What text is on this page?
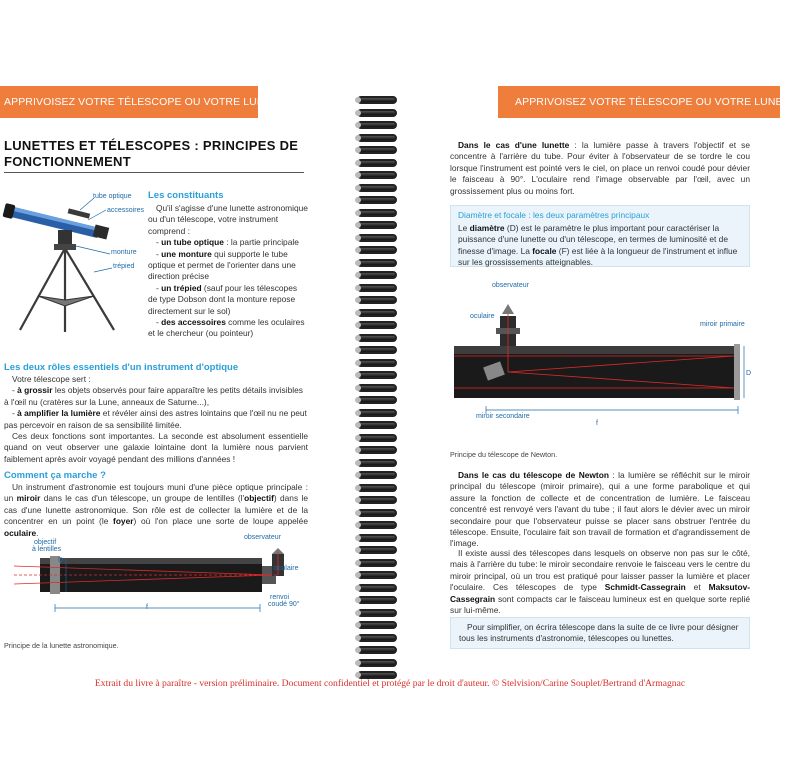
APPRIVOISEZ VOTRE TÉLESCOPE OU VOTRE LUNETTE	APPRIVOISEZ VOTRE TÉLESCOPE OU VOTRE LUNETTE
LUNETTES ET TÉLESCOPES : PRINCIPES DE
FONCTIONNEMENT
tube optique
accessoires
monture
trépied
Les constituants
Qu'il s'agisse d'une lunette astronomique ou d'un télescope, votre instrument comprend :
- un tube optique : la partie principale
- une monture qui supporte le tube optique et permet de l'orienter dans une direction précise
- un trépied (sauf pour les télescopes de type Dobson dont la monture repose directement sur le sol)
- des accessoires comme les oculaires et le chercheur (ou pointeur)
Les deux rôles essentiels d'un instrument d'optique
Votre télescope sert :
- à grossir les objets observés pour faire apparaître les petits détails invisibles à l'œil nu (cratères sur la Lune, anneaux de Saturne...),
- à amplifier la lumière et révéler ainsi des astres lointains que l'œil nu ne peut pas percevoir en raison de sa sensibilité limitée.
Ces deux fonctions sont importantes. La seconde est absolument essentielle quand on veut observer une galaxie lointaine dont la lumière nous parvient faiblement après avoir voyagé pendant des millions d'années !
Comment ça marche ?
Un instrument d'astronomie est toujours muni d'une pièce optique principale : un miroir dans le cas d'un télescope, un groupe de lentilles (l'objectif) dans le cas d'une lunette astronomique. Son rôle est de collecter la lumière et de la concentrer en un point (le foyer) où l'on place une sorte de loupe appelée oculaire.
objectif
à lentilles
observateur
oculaire
renvoi
coudé 90°
D
f
Principe de la lunette astronomique.
Dans le cas d'une lunette : la lumière passe à travers l'objectif et se concentre à l'arrière du tube. Pour éviter à l'observateur de se tordre le cou lorsque l'instrument est pointé vers le ciel, on place un renvoi coudé pour dévier le faisceau à 90°. L'oculaire rend l'image observable par l'œil, avec un grossissement plus ou moins fort.
Diamètre et focale : les deux paramètres principaux
Le diamètre (D) est le paramètre le plus important pour caractériser la puissance d'une lunette ou d'un télescope, en termes de luminosité et de finesse d'image. La focale (F) est liée à la longueur de l'instrument et influe sur les grossissements atteignables.
observateur
oculaire
miroir primaire
miroir secondaire
D
f
Principe du télescope de Newton.
Dans le cas du télescope de Newton : la lumière se réfléchit sur le miroir principal du télescope (miroir primaire), qui a une forme parabolique et qui assure la fonction de collecte et de concentration de lumière. Le faisceau concentré est renvoyé vers l'avant du tube ; il faut alors le dévier avec un miroir secondaire pour que l'observateur puisse se placer sans obstruer l'entrée du télescope. Ensuite, l'oculaire fait son travail de formation et d'agrandissement de l'image.
Il existe aussi des télescopes dans lesquels on observe non pas sur le côté, mais à l'arrière du tube: le miroir secondaire renvoie le faisceau vers le centre du miroir principal, où un trou est pratiqué pour laisser passer la lumière et placer l'oculaire. Ces télescopes de type Schmidt-Cassegrain et Maksutov-Cassegrain sont compacts car le faisceau lumineux est en quelque sorte replié sur lui-même.
Pour simplifier, on écrira télescope dans la suite de ce livre pour désigner tous les instruments d'astronomie, télescopes ou lunettes.
Extrait du livre à paraître - version préliminaire. Document confidentiel et protégé par le droit d'auteur. © Stelvision/Carine Souplet/Bertrand d'Armagnac
